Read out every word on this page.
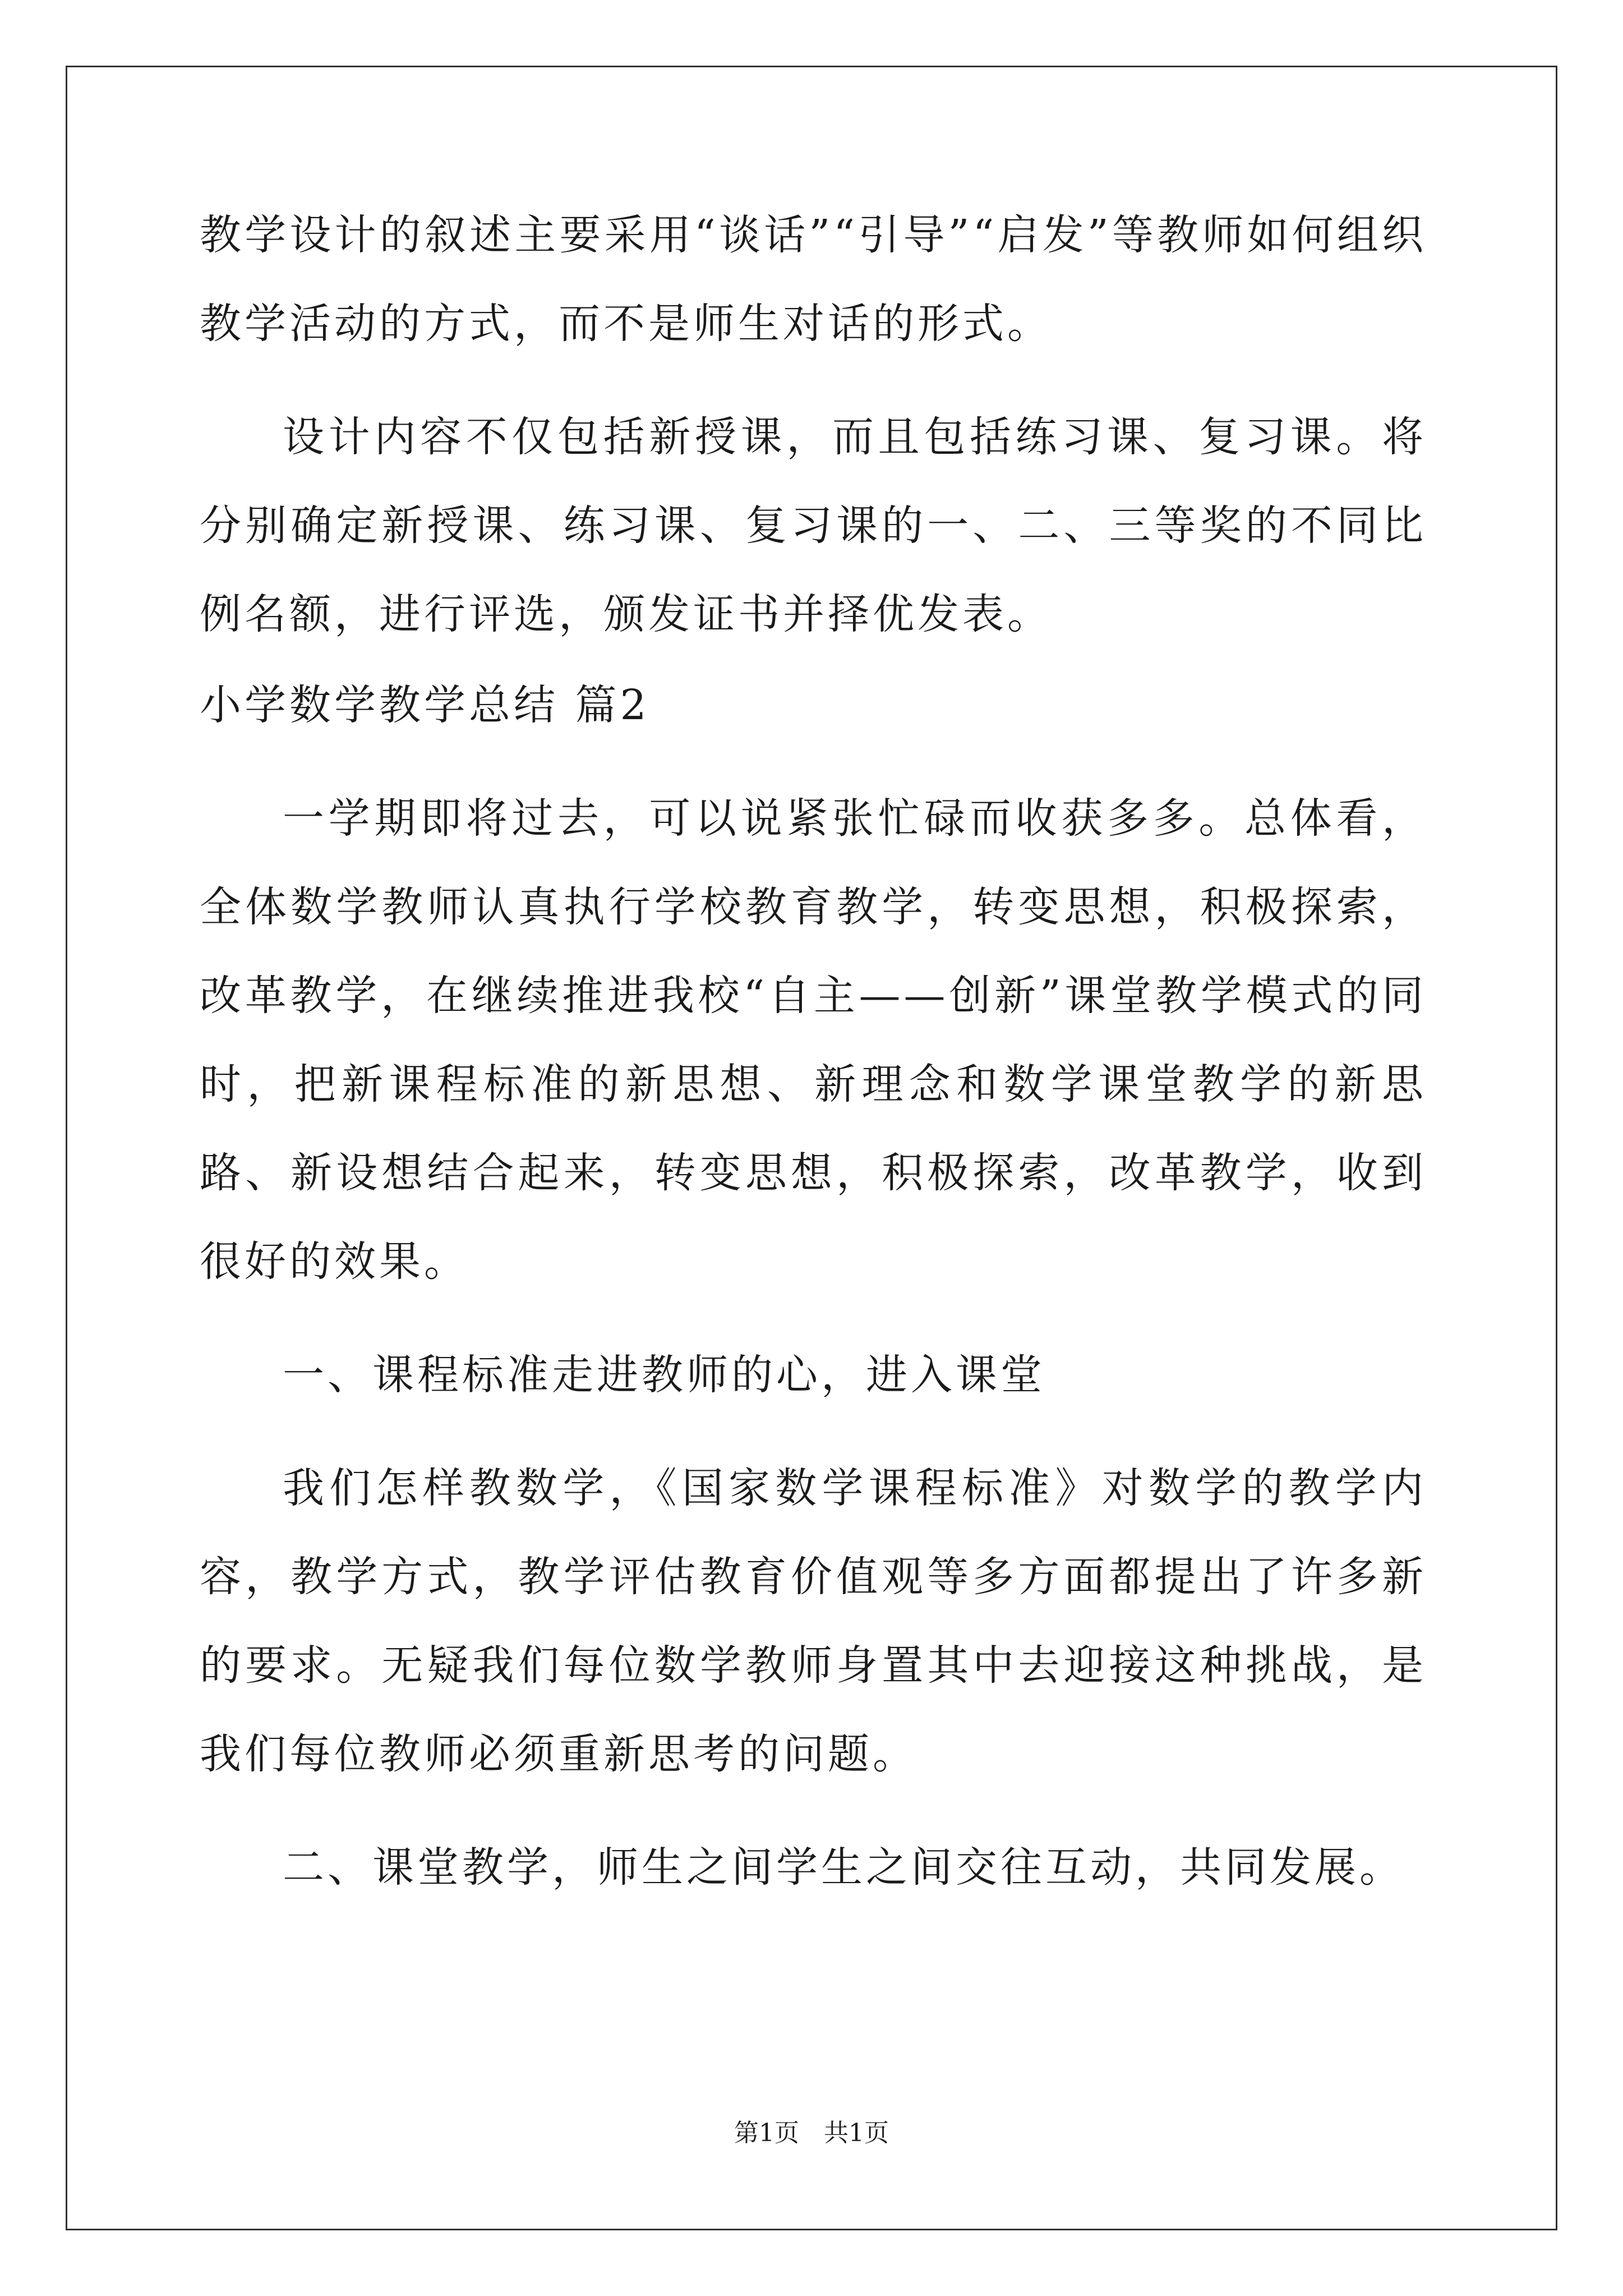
教学设计的叙述主要采用“谈话”“引导”“启发”等教师如何组织教学活动的方式，而不是师生对话的形式。

设计内容不仅包括新授课，而且包括练习课、复习课。将分别确定新授课、练习课、复习课的一、二、三等奖的不同比例名额，进行评选，颁发证书并择优发表。

小学数学教学总结 篇2

一学期即将过去，可以说紧张忙碌而收获多多。总体看，全体数学教师认真执行学校教育教学，转变思想，积极探索，改革教学，在继续推进我校“自主——创新”课堂教学模式的同时，把新课程标准的新思想、新理念和数学课堂教学的新思路、新设想结合起来，转变思想，积极探索，改革教学，收到很好的效果。

一、课程标准走进教师的心，进入课堂

我们怎样教数学，《国家数学课程标准》对数学的教学内容，教学方式，教学评估教育价值观等多方面都提出了许多新的要求。无疑我们每位数学教师身置其中去迎接这种挑战，是我们每位教师必须重新思考的问题。

二、课堂教学，师生之间学生之间交往互动，共同发展。

第1页　共1页
